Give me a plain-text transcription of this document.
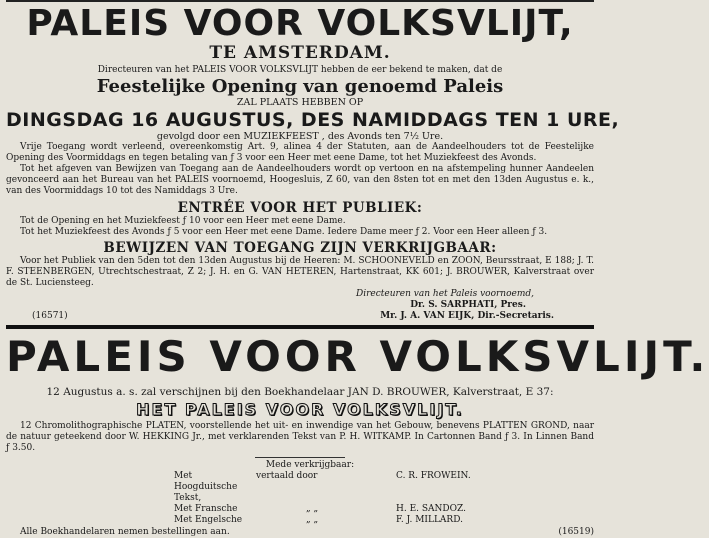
PALEIS VOOR VOLKSVLIJT,
TE AMSTERDAM.
Directeuren van het PALEIS VOOR VOLKSVLIJT hebben de eer bekend te maken, dat de
Feestelijke Opening van genoemd Paleis
ZAL PLAATS HEBBEN OP
DINGSDAG 16 AUGUSTUS, DES NAMIDDAGS TEN 1 URE,
gevolgd door een MUZIEKFEEST , des Avonds ten 7½ Ure.
Vrije Toegang wordt verleend, overeenkomstig Art. 9, alinea 4 der Statuten, aan de Aandeelhouders tot de Feestelijke Opening des Voormiddags en tegen betaling van ƒ 3 voor een Heer met eene Dame, tot het Muziekfeest des Avonds.
Tot het afgeven van Bewijzen van Toegang aan de Aandeelhouders wordt op vertoon en na afstempeling hunner Aandeelen gevonceerd aan het Bureau van het PALEIS voornoemd, Hoogesluis, Z 60, van den 8sten tot en met den 13den Augustus e. k., van des Voormiddags 10 tot des Namiddags 3 Ure.
ENTRÉE VOOR HET PUBLIEK:
Tot de Opening en het Muziekfeest ƒ 10 voor een Heer met eene Dame.
Tot het Muziekfeest des Avonds ƒ 5 voor een Heer met eene Dame. Iedere Dame meer ƒ 2. Voor een Heer alleen ƒ 3.
BEWIJZEN VAN TOEGANG ZIJN VERKRIJGBAAR:
Voor het Publiek van den 5den tot den 13den Augustus bij de Heeren: M. SCHOONEVELD en ZOON, Beursstraat, E 188; J. T. F. STEENBERGEN, Utrechtschestraat, Z 2; J. H. en G. VAN HETEREN, Hartenstraat, KK 601; J. BROUWER, Kalverstraat over de St. Luciensteeg.
Directeuren van het Paleis voornoemd,
(16571)
Dr. S. SARPHATI, Pres.
Mr. J. A. VAN EIJK, Dir.-Secretaris.
PALEIS VOOR VOLKSVLIJT.
12 Augustus a. s. zal verschijnen bij den Boekhandelaar JAN D. BROUWER, Kalverstraat, E 37:
HET PALEIS VOOR VOLKSVLIJT.
12 Chromolithographische PLATEN, voorstellende het uit- en inwendige van het Gebouw, benevens PLATTEN GROND, naar de natuur geteekend door W. HEKKING Jr., met verklarenden Tekst van P. H. WITKAMP. In Cartonnen Band ƒ 3. In Linnen Band ƒ 3.50.
Mede verkrijgbaar:
Met Hoogduitsche Tekst,
vertaald door	C. R. FROWEIN.
Met Fransche	„ „	H. E. SANDOZ.
Met Engelsche	„ „	F. J. MILLARD.
Alle Boekhandelaren nemen bestellingen aan.	(16519)
